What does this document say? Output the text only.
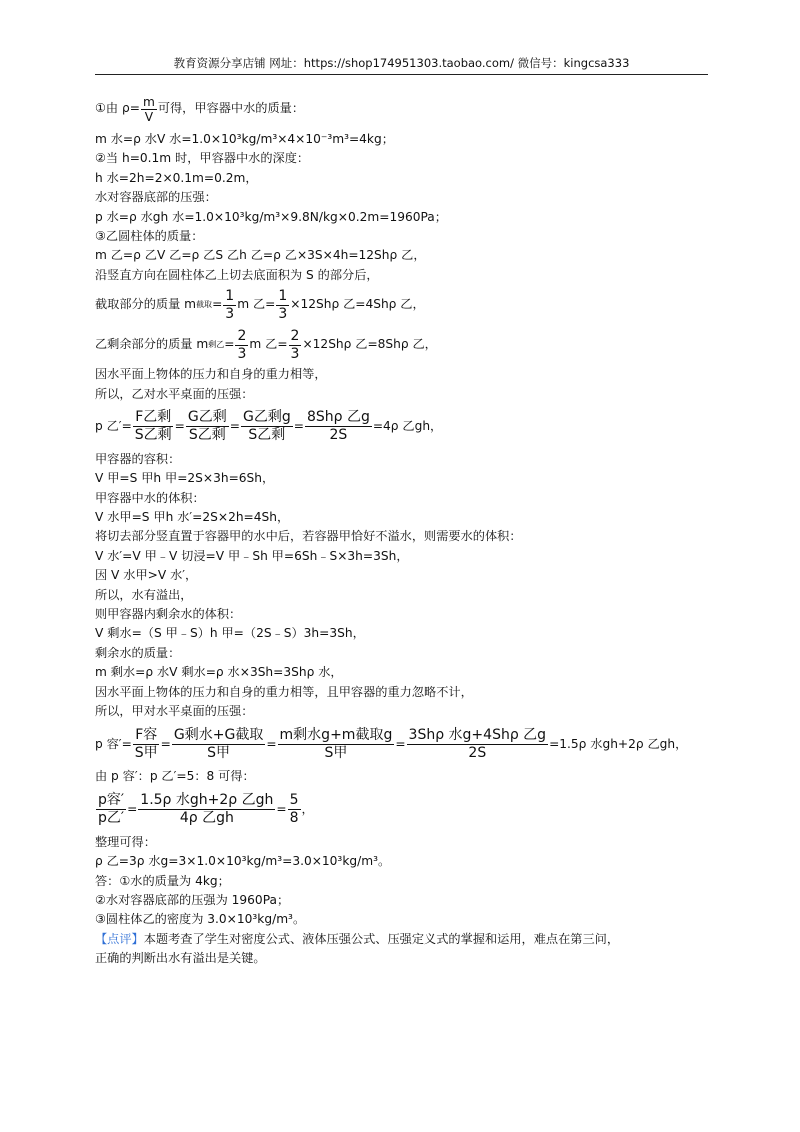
教育资源分享店铺 网址：https://shop174951303.taobao.com/ 微信号：kingcsa333
①由 $\rho= \frac{m}{V}$ 可得，甲容器中水的质量：
m 水=ρ 水V 水=1.0×10³kg/m³×4×10⁻³m³=4kg；
②当 h=0.1m 时，甲容器中水的深度：
h 水=2h=2×0.1m=0.2m，
水对容器底部的压强：
p 水=ρ 水gh 水=1.0×10³kg/m³×9.8N/kg×0.2m=1960Pa；
③乙圆柱体的质量：
m 乙=ρ 乙V 乙=ρ 乙S 乙h 乙=ρ 乙×3S×4h=12Shρ 乙，
沿竖直方向在圆柱体乙上切去底面积为 S 的部分后，
截取部分的质量 m 截取 = $\frac{1}{3}$ m 乙= $\frac{1}{3} \times 12Sh\rho$ 乙=4Shρ 乙，
乙剩余部分的质量 m 剩乙 = $\frac{2}{3}$ m 乙= $\frac{2}{3} \times 12Sh\rho$ 乙=8Shρ 乙，
因水平面上物体的压力和自身的重力相等，
所以，乙对水平桌面的压强：
p 乙′= $\frac{\text{F乙剩}}{\text{S乙剩}} = \frac{\text{G乙剩}}{\text{S乙剩}} = \frac{\text{G乙剩g}}{\text{S乙剩}} = \frac{\text{8Shρ 乙g}}{2S} =4\rho$ 乙gh，
甲容器的容积：
V 甲=S 甲h 甲=2S×3h=6Sh，
甲容器中水的体积：
V 水甲=S 甲h 水′=2S×2h=4Sh，
将切去部分竖直置于容器甲的水中后，若容器甲恰好不溢水，则需要水的体积：
V 水′=V 甲﹣V 切浸=V 甲﹣Sh 甲=6Sh﹣S×3h=3Sh，
因 V 水甲>V 水′，
所以，水有溢出，
则甲容器内剩余水的体积：
V 剩水=（S 甲﹣S）h 甲=（2S﹣S）3h=3Sh，
剩余水的质量：
m 剩水=ρ 水V 剩水=ρ 水×3Sh=3Shρ 水，
因水平面上物体的压力和自身的重力相等，且甲容器的重力忽略不计，
所以，甲对水平桌面的压强：
p 容′= $\frac{\text{F容}}{\text{S甲}} = \frac{\text{G剩水+G截取}}{\text{S甲}} = \frac{\text{m剩水g+m截取g}}{\text{S甲}} = \frac{\text{3Shρ 水g+4Shρ 乙g}}{2S} =1.5\rho$ 水gh+2ρ 乙gh，
由 p 容′：p 乙′=5：8 可得：
$\frac{\text{p容′}}{\text{p乙′}} = \frac{\text{1.5ρ 水gh+2ρ 乙gh}}{\text{4ρ 乙gh}} = \frac{5}{8}$ ，
整理可得：
ρ 乙=3ρ 水g=3×1.0×10³kg/m³=3.0×10³kg/m³。
答：①水的质量为 4kg；
②水对容器底部的压强为 1960Pa；
③圆柱体乙的密度为 3.0×10³kg/m³。
【点评】本题考查了学生对密度公式、液体压强公式、压强定义式的掌握和运用，难点在第三问，
正确的判断出水有溢出是关键。
